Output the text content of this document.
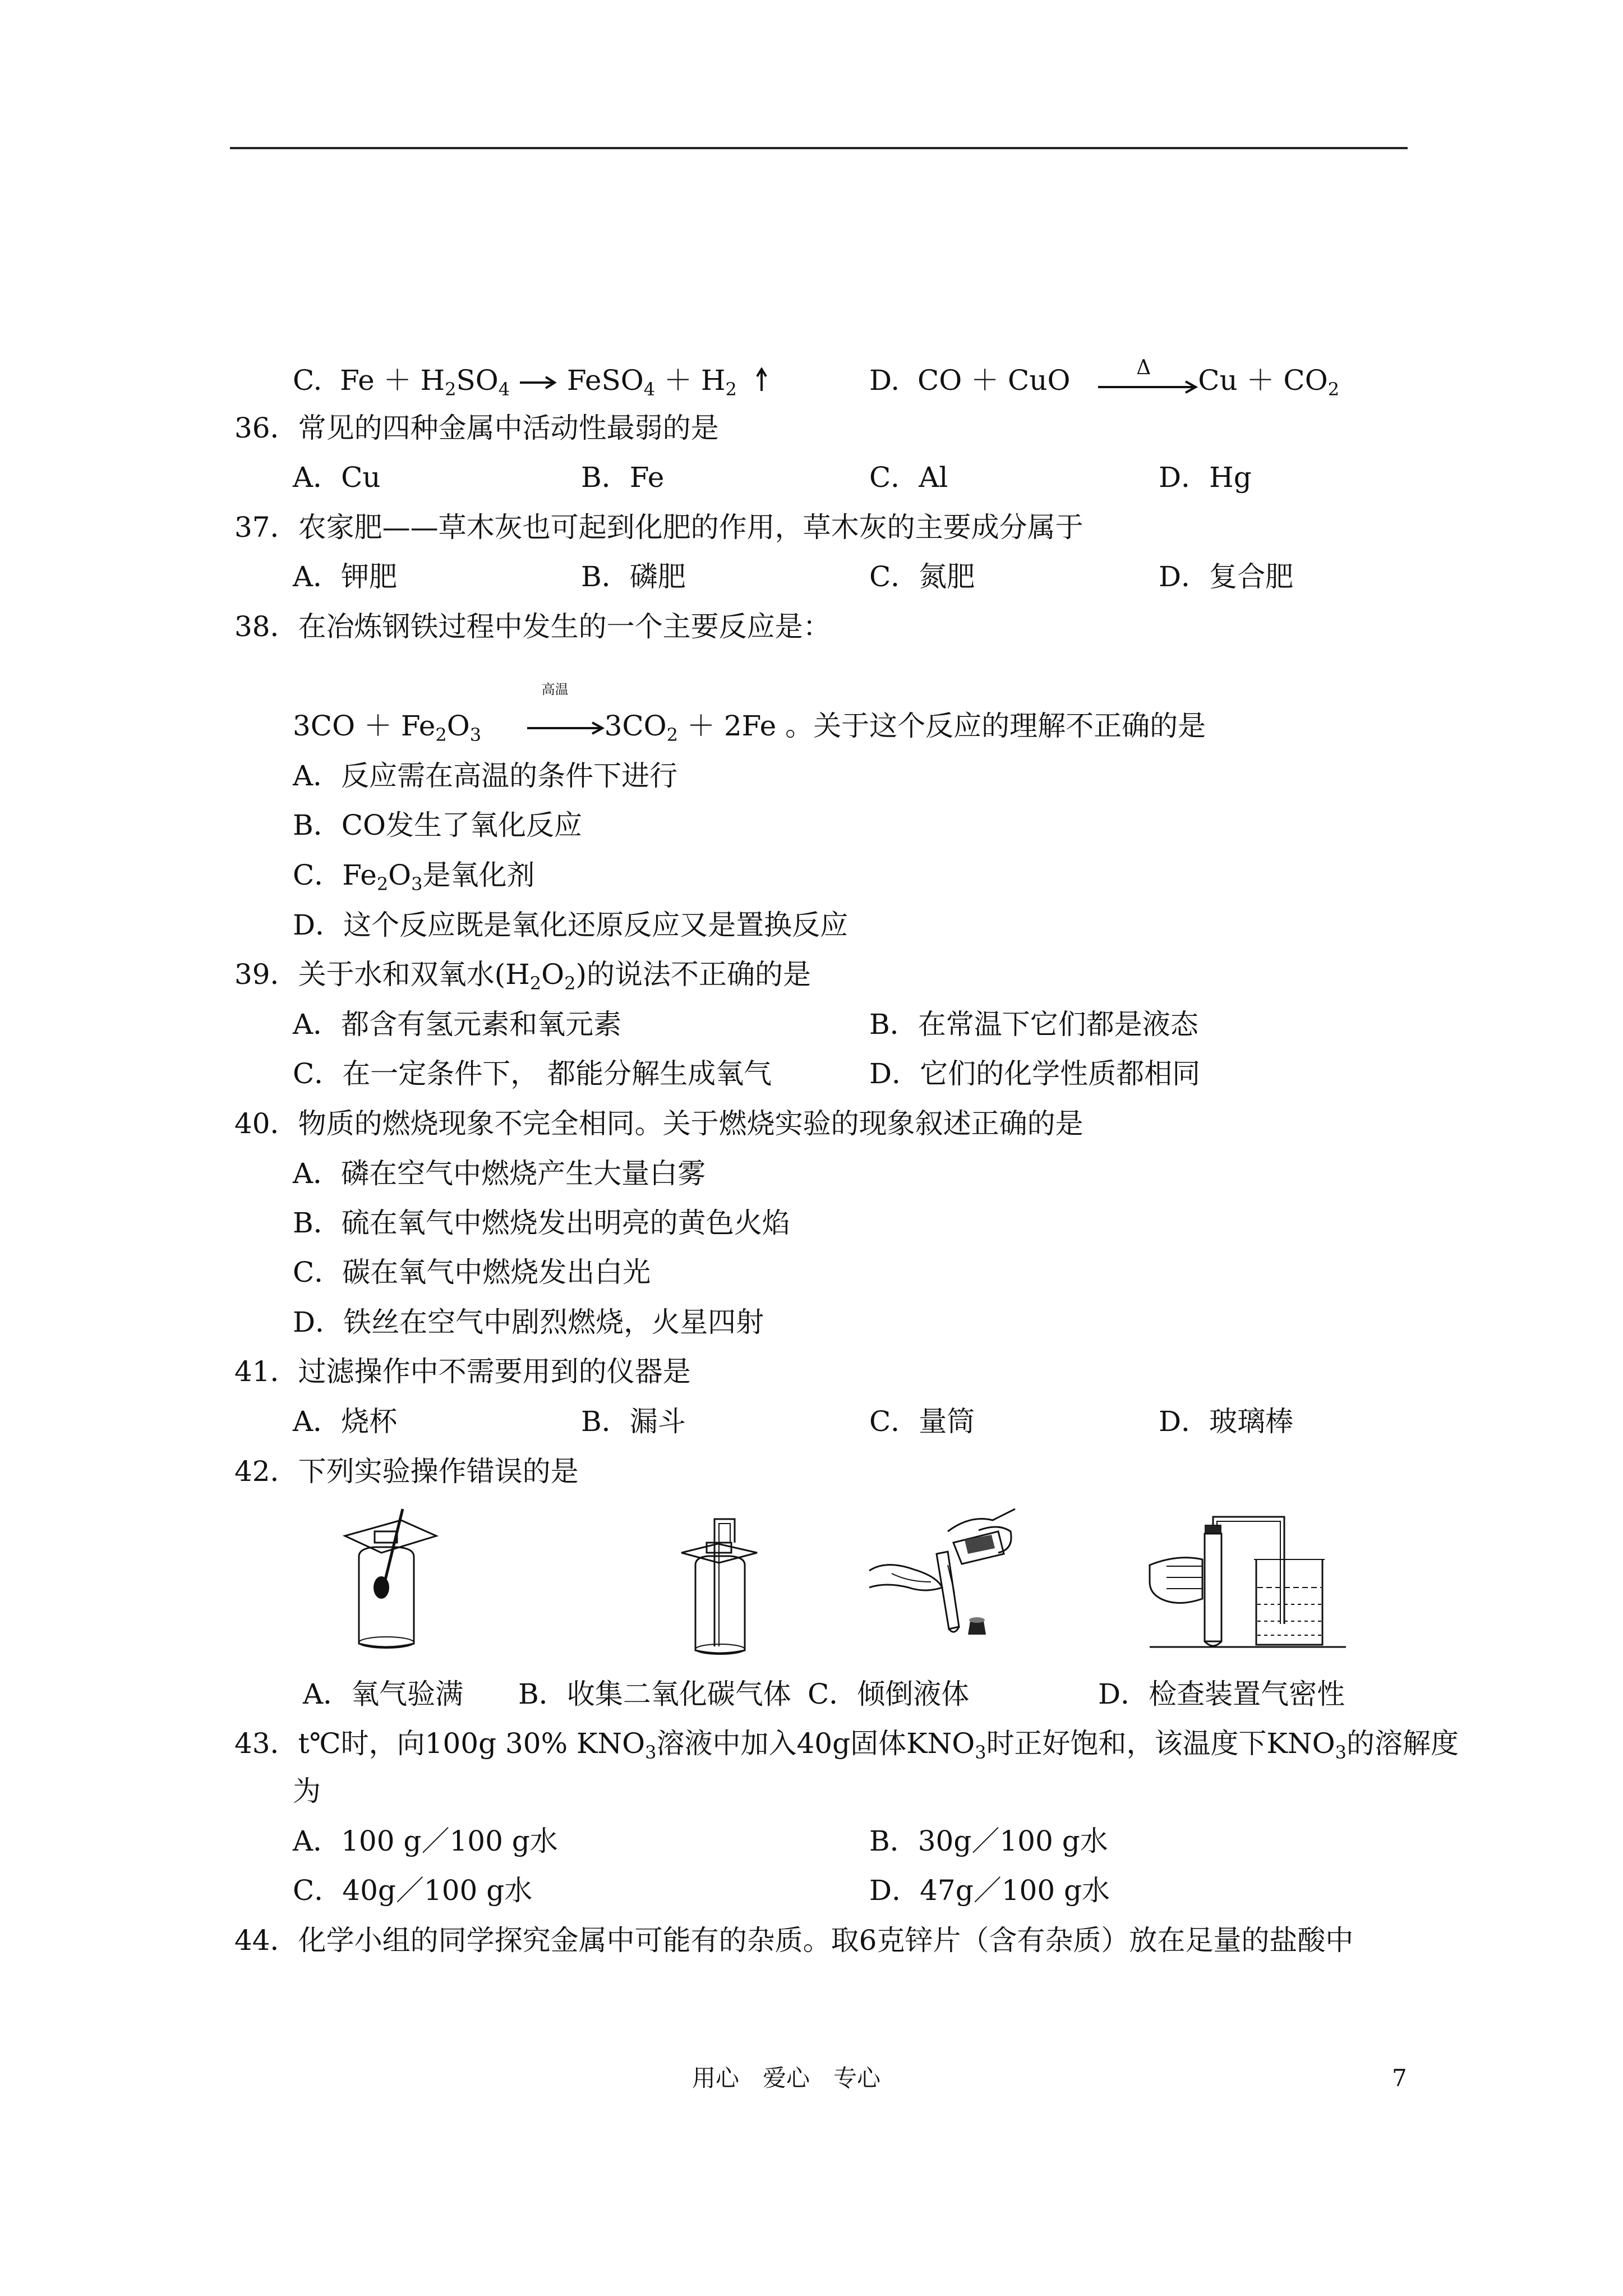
C. $Fe + H_2SO_4$ → FeSO$_4$ ＋ $H_2$	D. CO ＋ CuO	Δ $Cu + CO_2$
36．常见的四种金属中活动性最弱的是
A．Cu	B．Fe	C．Al	D．Hg
37．农家肥——草木灰也可起到化肥的作用，草木灰的主要成分属于
A．钾肥	B．磷肥	C．氮肥	D．复合肥
38．在冶炼钢铁过程中发生的一个主要反应是：
$3CO + Fe_2O_3$
高温
$3CO_2 + 2Fe$ 。关于这个反应的理解不正确的是
A．反应需在高温的条件下进行
B．CO发生了氧化反应
C．$Fe_2O_3$是氧化剂
D．这个反应既是氧化还原反应又是置换反应
39．关于水和双氧水$(H_2O_2)$的说法不正确的是
A．都含有氢元素和氧元素	B．在常温下它们都是液态
C．在一定条件下， 都能分解生成氧气	D．它们的化学性质都相同
40．物质的燃烧现象不完全相同。关于燃烧实验的现象叙述正确的是
A．磷在空气中燃烧产生大量白雾
B．硫在氧气中燃烧发出明亮的黄色火焰
C．碳在氧气中燃烧发出白光
D．铁丝在空气中剧烈燃烧，火星四射
41．过滤操作中不需要用到的仪器是
A．烧杯	B．漏斗	C．量筒	D．玻璃棒
42．下列实验操作错误的是
A．氧气验满 B．收集二氧化碳气体 C．倾倒液体	D．检查装置气密性
43．t℃时，向100g 30% $KNO_3$溶液中加入40g固体$KNO_3$时正好饱和，该温度下$KNO_3$的溶解度
为
A．100 g／100 g水	B．30g／100 g水
C．40g／100 g水	D．47g／100 g水
44．化学小组的同学探究金属中可能有的杂质。取6克锌片（含有杂质）放在足量的盐酸中
用心　爱心　专心	7
